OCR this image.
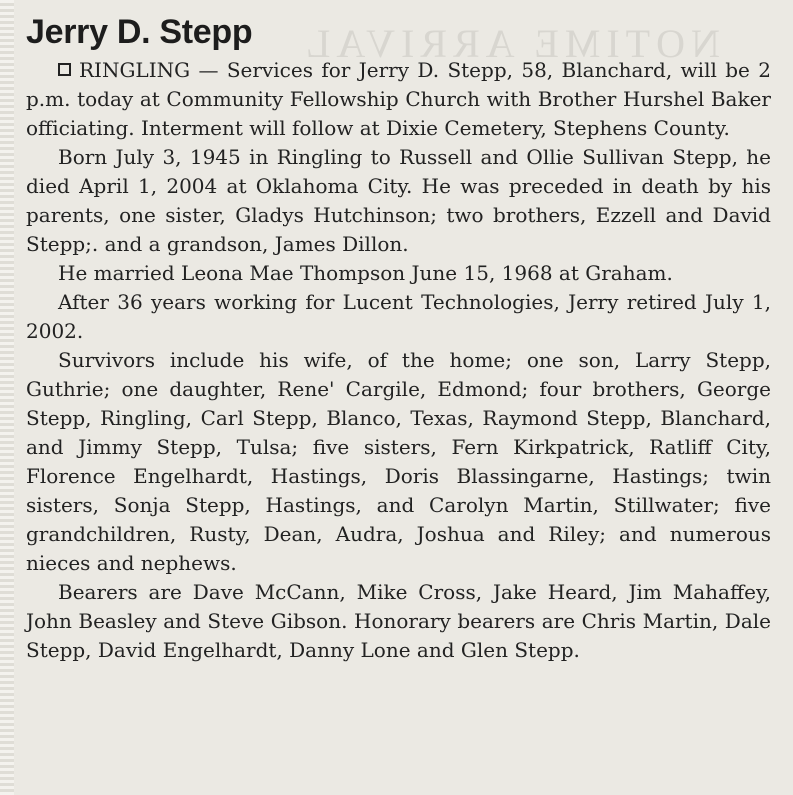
NOTIME ARRIVAL
Jerry D. Stepp

RINGLING — Services for Jerry D. Stepp, 58, Blanchard, will be 2 p.m. today at Community Fellowship Church with Brother Hurshel Baker officiating. Interment will follow at Dixie Cemetery, Stephens County.

Born July 3, 1945 in Ringling to Russell and Ollie Sullivan Stepp, he died April 1, 2004 at Oklahoma City. He was preceded in death by his parents, one sister, Gladys Hutchinson; two brothers, Ezzell and David Stepp;. and a grandson, James Dillon.

He married Leona Mae Thompson June 15, 1968 at Graham.

After 36 years working for Lucent Technologies, Jerry retired July 1, 2002.

Survivors include his wife, of the home; one son, Larry Stepp, Guthrie; one daughter, Rene' Cargile, Edmond; four brothers, George Stepp, Ringling, Carl Stepp, Blanco, Texas, Raymond Stepp, Blanchard, and Jimmy Stepp, Tulsa; five sisters, Fern Kirkpatrick, Ratliff City, Florence Engelhardt, Hastings, Doris Blassingarne, Hastings; twin sisters, Sonja Stepp, Hastings, and Carolyn Martin, Stillwater; five grandchildren, Rusty, Dean, Audra, Joshua and Riley; and numerous nieces and nephews.

Bearers are Dave McCann, Mike Cross, Jake Heard, Jim Mahaffey, John Beasley and Steve Gibson. Honorary bearers are Chris Martin, Dale Stepp, David Engelhardt, Danny Lone and Glen Stepp.
